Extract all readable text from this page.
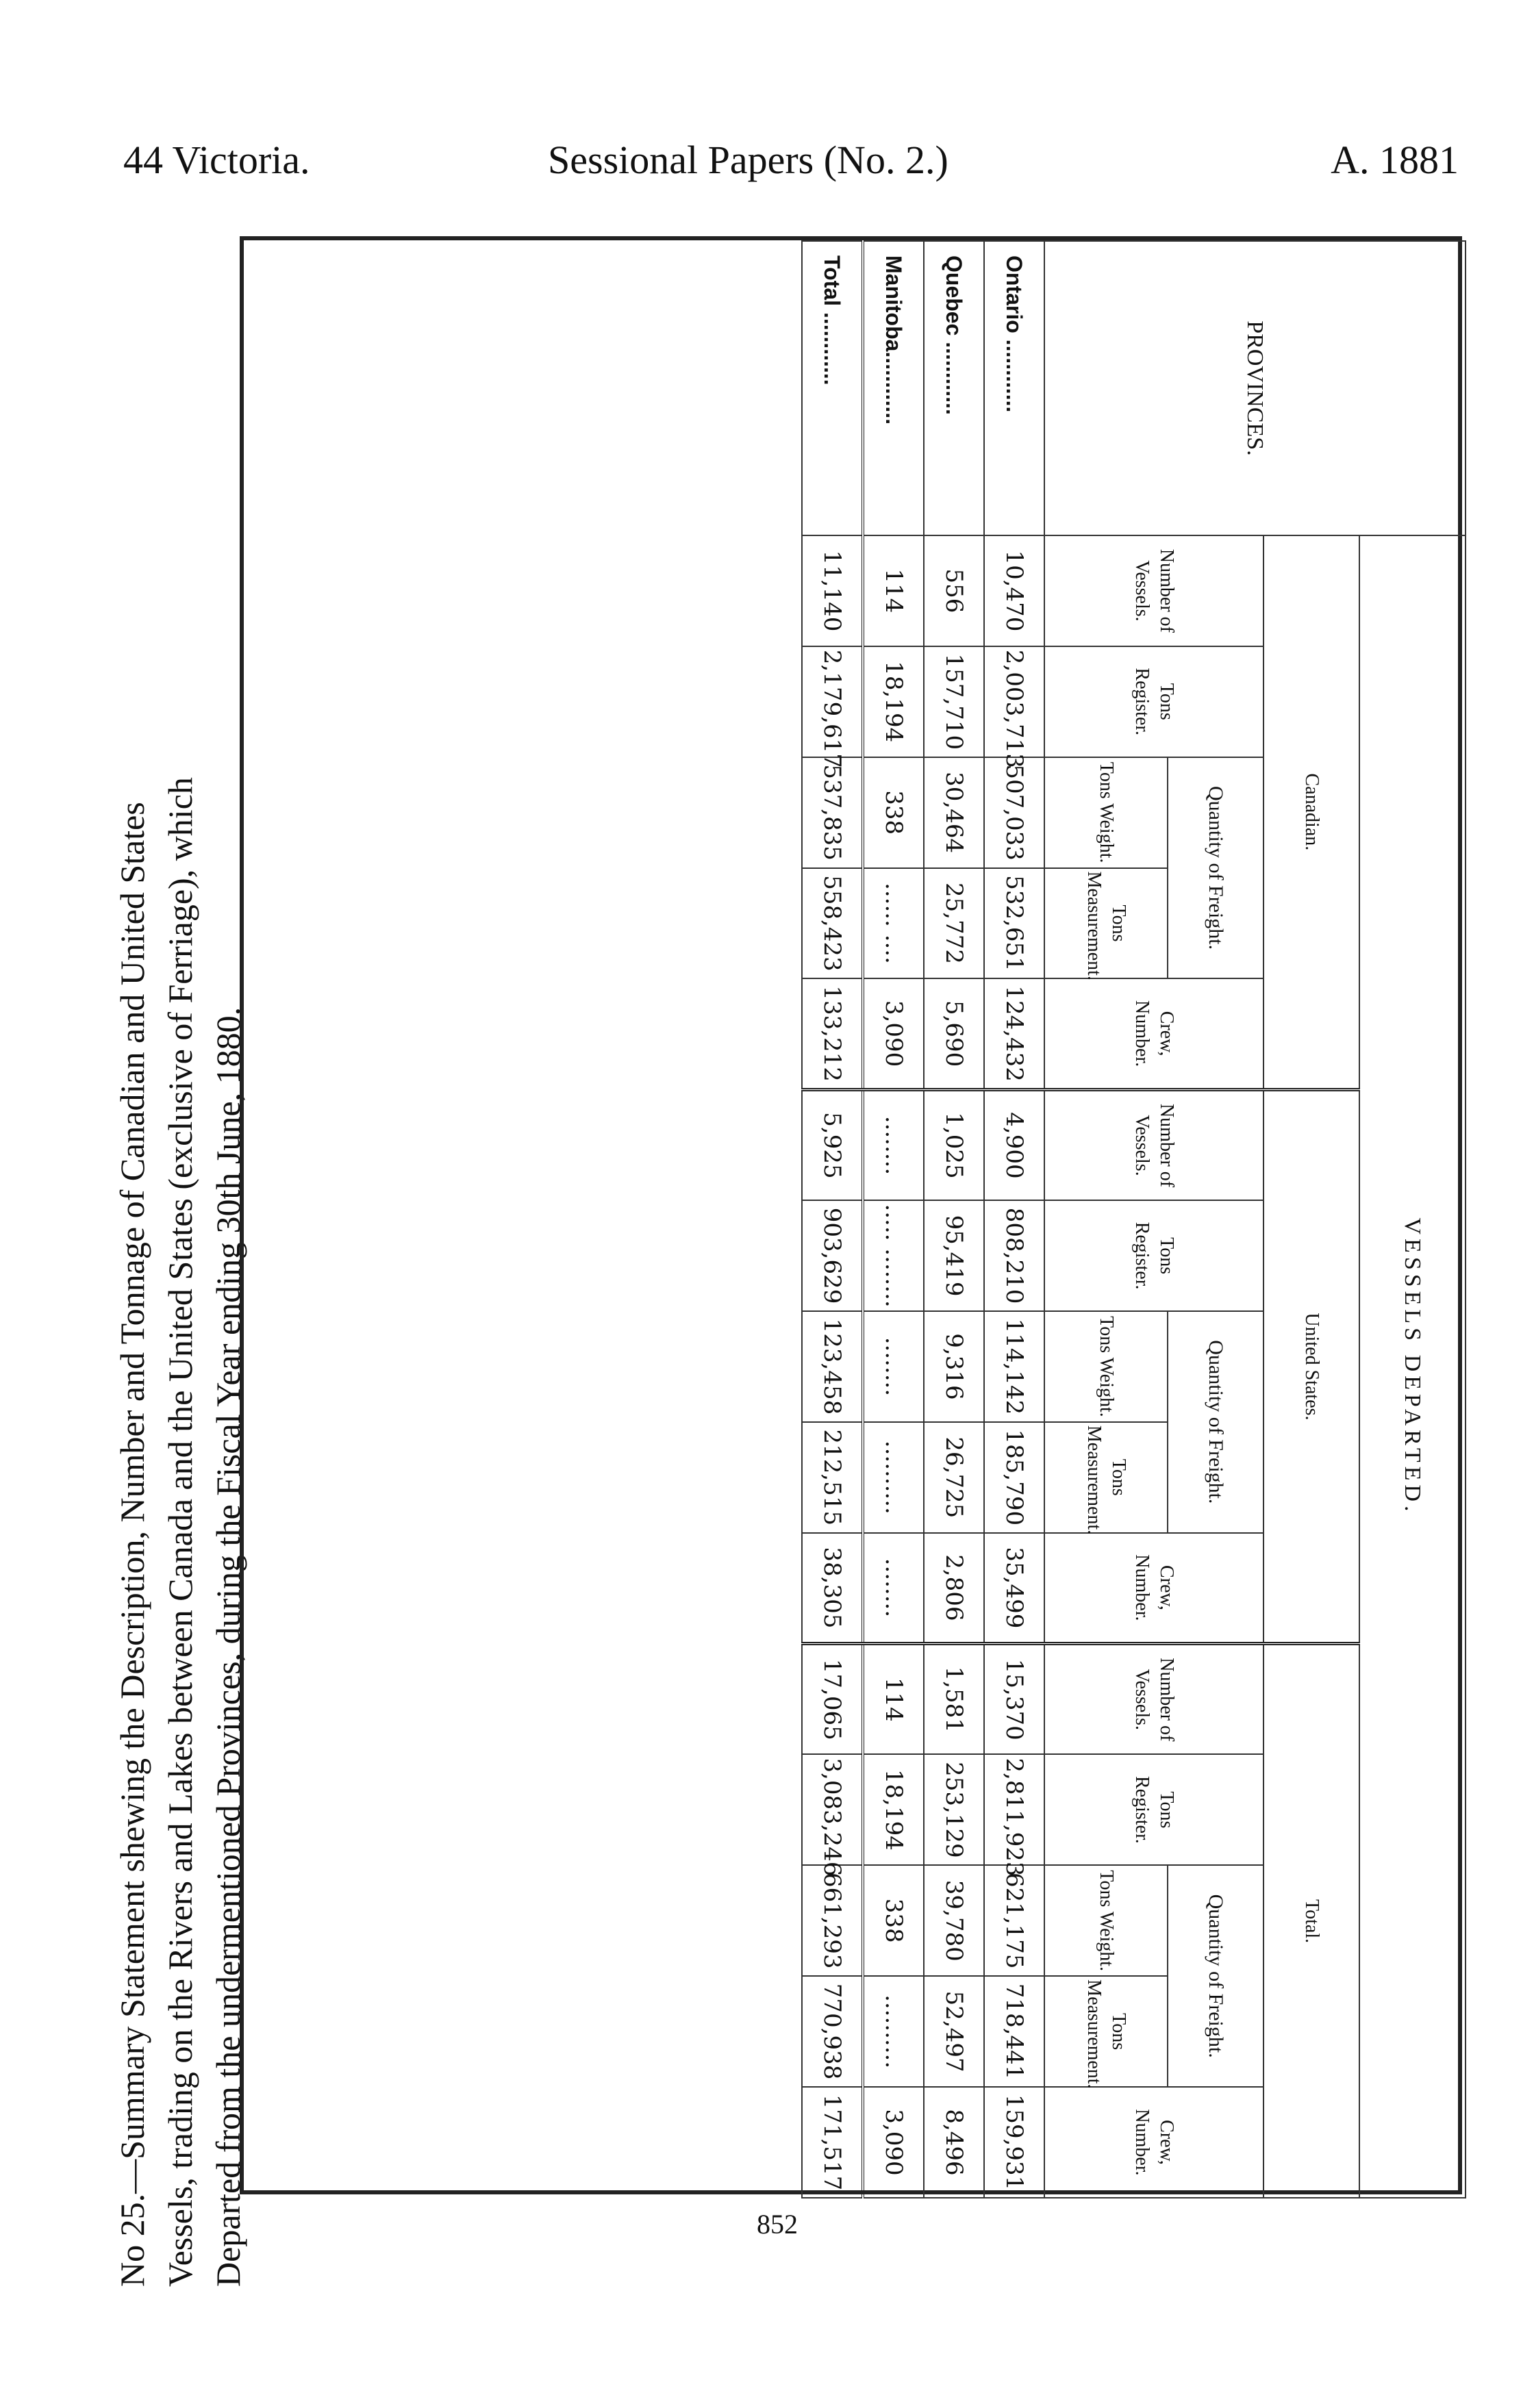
44 Victoria.	Sessional Papers (No. 2.)	A. 1881

No 25.—Summary Statement shewing the Description, Number and Tonnage of Canadian and United States Vessels, trading on the Rivers and Lakes between Canada and the United States (exclusive of Ferriage), which Departed from the undermentioned Provinces, during the Fiscal Year ending 30th June, 1880.

PROVINCES.	VESSELS DEPARTED.														
	Canadian.					United States.					Total.				
	Number of Vessels.	Tons Register.	Quantity of Freight.		Crew, Number.	Number of Vessels.	Tons Register.	Quantity of Freight.		Crew, Number.	Number of Vessels.	Tons Register.	Quantity of Freight.		Crew, Number.
			Tons Weight.	Tons Measurement.				Tons Weight.	Tons Measurement.				Tons Weight.	Tons Measurement.	
Ontario ............	10,470	2,003,713	507,033	532,651	124,432	4,900	808,210	114,142	185,790	35,499	15,370	2,811,923	621,175	718,441	159,931
Quebec ............	556	157,710	30,464	25,772	5,690	1,025	95,419	9,316	26,725	2,806	1,581	253,129	39,780	52,497	8,496
Manitoba............	114	18,194	338	...... ....	3,090	........	..... ........	........	..........	........	114	18,194	338	..........	3,090
Total ............	11,140	2,179,617	537,835	558,423	133,212	5,925	903,629	123,458	212,515	38,305	17,065	3,083,246	661,293	770,938	171,517
852
